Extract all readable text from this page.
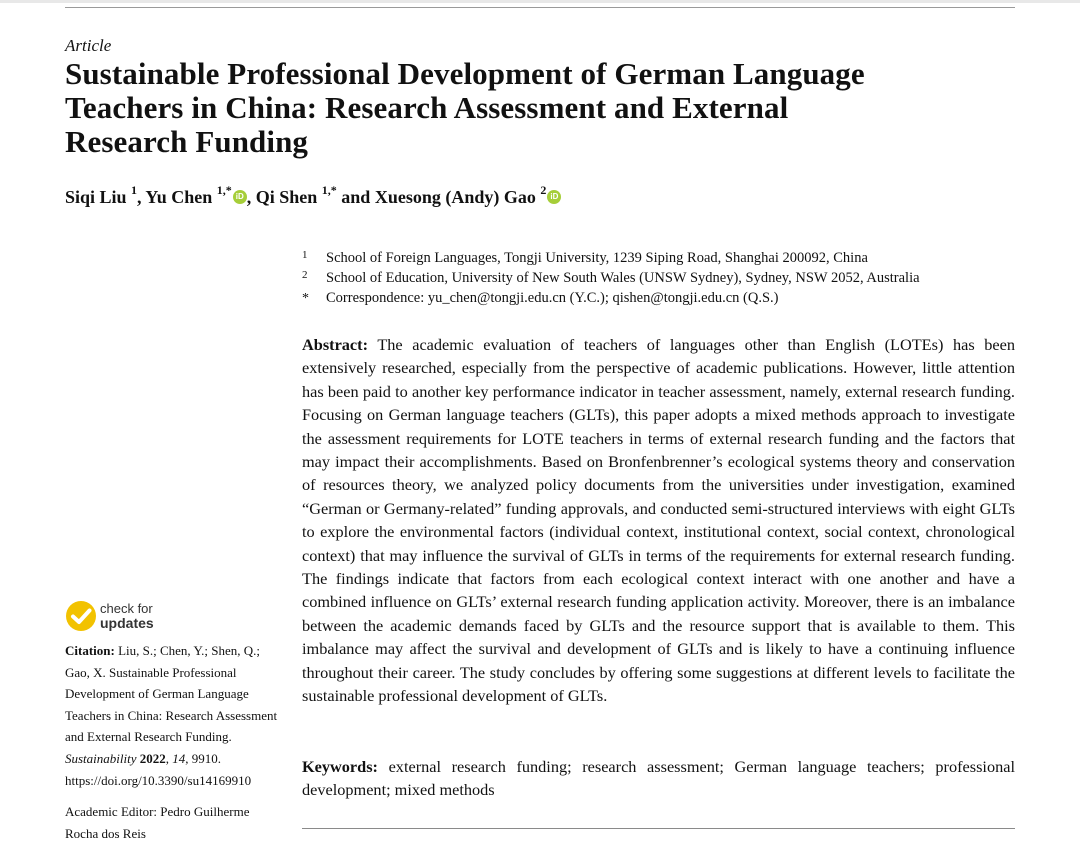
Article
Sustainable Professional Development of German Language
Teachers in China: Research Assessment and External
Research Funding
Siqi Liu $^1$, Yu Chen $^{1,*}$ iD , Qi Shen $^{1,*}$ and Xuesong (Andy) Gao $^2$ iD
1	School of Foreign Languages, Tongji University, 1239 Siping Road, Shanghai 200092, China
2	School of Education, University of New South Wales (UNSW Sydney), Sydney, NSW 2052, Australia
*	Correspondence: yu_chen@tongji.edu.cn (Y.C.); qishen@tongji.edu.cn (Q.S.)

Abstract: The academic evaluation of teachers of languages other than English (LOTEs) has been extensively researched, especially from the perspective of academic publications. However, little attention has been paid to another key performance indicator in teacher assessment, namely, external research funding. Focusing on German language teachers (GLTs), this paper adopts a mixed methods approach to investigate the assessment requirements for LOTE teachers in terms of external research funding and the factors that may impact their accomplishments. Based on Bronfenbrenner’s ecological systems theory and conservation of resources theory, we analyzed policy documents from the universities under investigation, examined “German or Germany-related” funding approvals, and conducted semi-structured interviews with eight GLTs to explore the environmental factors (individual context, institutional context, social context, chronological context) that may influence the survival of GLTs in terms of the requirements for external research funding. The findings indicate that factors from each ecological context interact with one another and have a combined influence on GLTs’ external research funding application activity. Moreover, there is an imbalance between the academic demands faced by GLTs and the resource support that is available to them. This imbalance may affect the survival and development of GLTs and is likely to have a continuing influence throughout their career. The study concludes by offering some suggestions at different levels to facilitate the sustainable professional development of GLTs.

Keywords: external research funding; research assessment; German language teachers; professional development; mixed methods

check for
updates

Citation: Liu, S.; Chen, Y.; Shen, Q.; Gao, X. Sustainable Professional Development of German Language Teachers in China: Research Assessment and External Research Funding. Sustainability 2022, 14, 9910. https://doi.org/10.3390/su14169910

Academic Editor: Pedro Guilherme Rocha dos Reis
